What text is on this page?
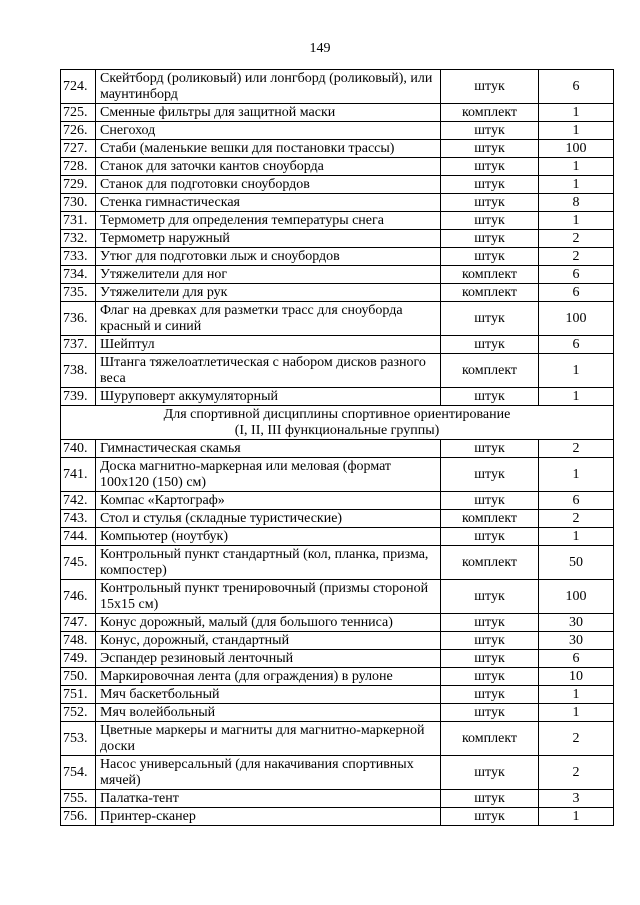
149
724.	Скейтборд (роликовый) или лонгборд (роликовый), или маунтинборд	штук	6
725.	Сменные фильтры для защитной маски	комплект	1
726.	Снегоход	штук	1
727.	Стаби (маленькие вешки для постановки трассы)	штук	100
728.	Станок для заточки кантов сноуборда	штук	1
729.	Станок для подготовки сноубордов	штук	1
730.	Стенка гимнастическая	штук	8
731.	Термометр для определения температуры снега	штук	1
732.	Термометр наружный	штук	2
733.	Утюг для подготовки лыж и сноубордов	штук	2
734.	Утяжелители для ног	комплект	6
735.	Утяжелители для рук	комплект	6
736.	Флаг на древках для разметки трасс для сноуборда красный и синий	штук	100
737.	Шейптул	штук	6
738.	Штанга тяжелоатлетическая с набором дисков разного веса	комплект	1
739.	Шуруповерт аккумуляторный	штук	1

Для спортивной дисциплины спортивное ориентирование
(I, II, III функциональные группы)			

740.	Гимнастическая скамья	штук	2
741.	Доска магнитно-маркерная или меловая (формат 100x120 (150) см)	штук	1
742.	Компас «Картограф»	штук	6
743.	Стол и стулья (складные туристические)	комплект	2
744.	Компьютер (ноутбук)	штук	1
745.	Контрольный пункт стандартный (кол, планка, призма, компостер)	комплект	50
746.	Контрольный пункт тренировочный (призмы стороной 15x15 см)	штук	100
747.	Конус дорожный, малый (для большого тенниса)	штук	30
748.	Конус, дорожный, стандартный	штук	30
749.	Эспандер резиновый ленточный	штук	6
750.	Маркировочная лента (для ограждения) в рулоне	штук	10
751.	Мяч баскетбольный	штук	1
752.	Мяч волейбольный	штук	1
753.	Цветные маркеры и магниты для магнитно-маркерной доски	комплект	2
754.	Насос универсальный (для накачивания спортивных мячей)	штук	2
755.	Палатка-тент	штук	3
756.	Принтер-сканер	штук	1
